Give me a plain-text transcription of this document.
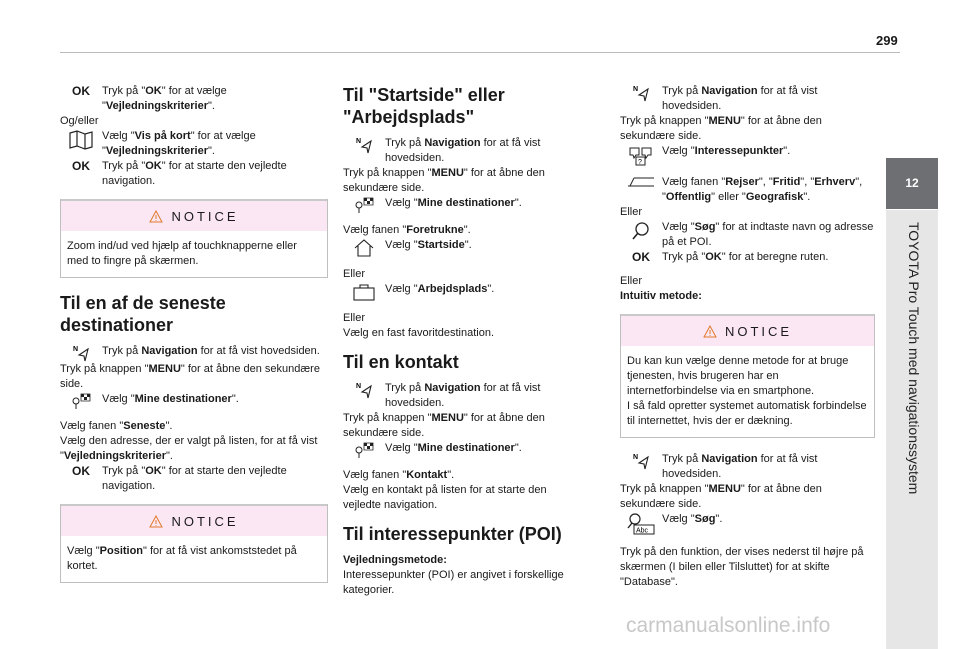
299
12
TOYOTA Pro Touch med navigationssystem
OK	Tryk på "OK" for at vælge "Vejledningskriterier".

Og/eller

Vælg "Vis på kort" for at vælge "Vejledningskriterier".
OK	Tryk på "OK" for at starte den vejledte navigation.
NOTICE
Zoom ind/ud ved hjælp af touchknapperne eller med to fingre på skærmen.
Til en af de seneste destinationer
N Tryk på Navigation for at få vist hovedsiden.

Tryk på knappen "MENU" for at åbne den sekundære side.

Vælg "Mine destinationer".

Vælg fanen "Seneste".

Vælg den adresse, der er valgt på listen, for at få vist "Vejledningskriterier".

OK	Tryk på "OK" for at starte den vejledte navigation.
NOTICE
Vælg "Position" for at få vist ankomststedet på kortet.
Til "Startside" eller "Arbejdsplads"
N Tryk på Navigation for at få vist hovedsiden.

Tryk på knappen "MENU" for at åbne den sekundære side.

Vælg "Mine destinationer".

Vælg fanen "Foretrukne".

Vælg "Startside".

Eller

Vælg "Arbejdsplads".

Eller

Vælg en fast favoritdestination.

Til en kontakt
N Tryk på Navigation for at få vist hovedsiden.

Tryk på knappen "MENU" for at åbne den sekundære side.

Vælg "Mine destinationer".

Vælg fanen "Kontakt".

Vælg en kontakt på listen for at starte den vejledte navigation.

Til interessepunkter (POI)

Vejledningsmetode:

Interessepunkter (POI) er angivet i forskellige kategorier.

N Tryk på Navigation for at få vist hovedsiden.

Tryk på knappen "MENU" for at åbne den sekundære side.

?
Vælg "Interessepunkter".
Vælg fanen "Rejser", "Fritid", "Erhverv", "Offentlig" eller "Geografisk".

Eller

Vælg "Søg" for at indtaste navn og adresse på et POI.
OK	Tryk på "OK" for at beregne ruten.

Eller

Intuitiv metode:

NOTICE

Du kan kun vælge denne metode for at bruge tjenesten, hvis brugeren har en internetforbindelse via en smartphone.

I så fald opretter systemet automatisk forbindelse til internettet, hvis der er dækning.

N Tryk på Navigation for at få vist hovedsiden.

Tryk på knappen "MENU" for at åbne den sekundære side.

Abc
Vælg "Søg".

Tryk på den funktion, der vises nederst til højre på skærmen (I bilen eller Tilsluttet) for at skifte "Database".

carmanualsonline.info
